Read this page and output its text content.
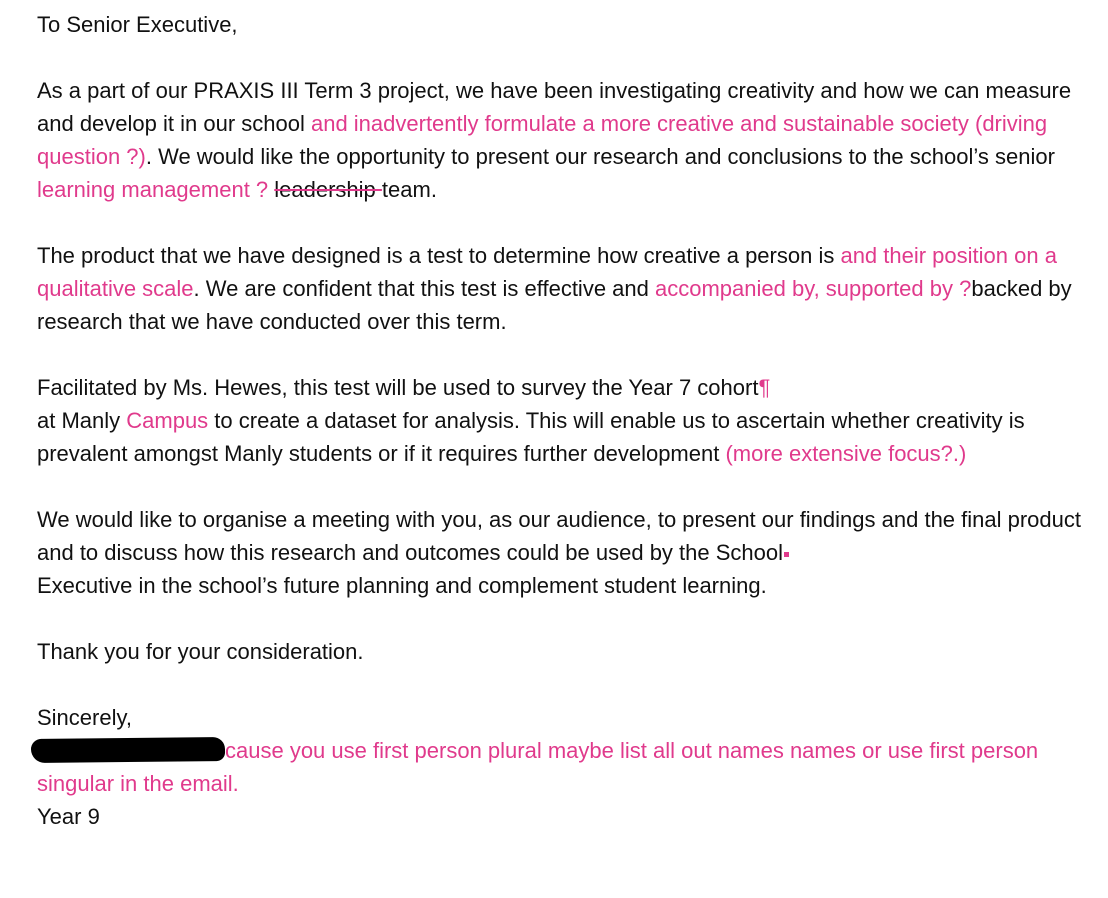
To Senior Executive,

As a part of our PRAXIS III Term 3 project, we have been investigating creativity and how we can measure and develop it in our school and inadvertently formulate a more creative and sustainable society (driving question ?). We would like the opportunity to present our research and conclusions to the school’s senior learning management ? leadership team.

The product that we have designed is a test to determine how creative a person is and their position on a qualitative scale. We are confident that this test is effective and accompanied by, supported by ?backed by research that we have conducted over this term.

Facilitated by Ms. Hewes, this test will be used to survey the Year 7 cohort¶
at Manly Campus to create a dataset for analysis. This will enable us to ascertain whether creativity is prevalent amongst Manly students or if it requires further development (more extensive focus?.)

We would like to organise a meeting with you, as our audience, to present our findings and the final product and to discuss how this research and outcomes could be used by the School
Executive in the school’s future planning and complement student learning.

Thank you for your consideration.

Sincerely,

cause you use first person plural maybe list all out names names or use first person singular in the email.

Year 9
